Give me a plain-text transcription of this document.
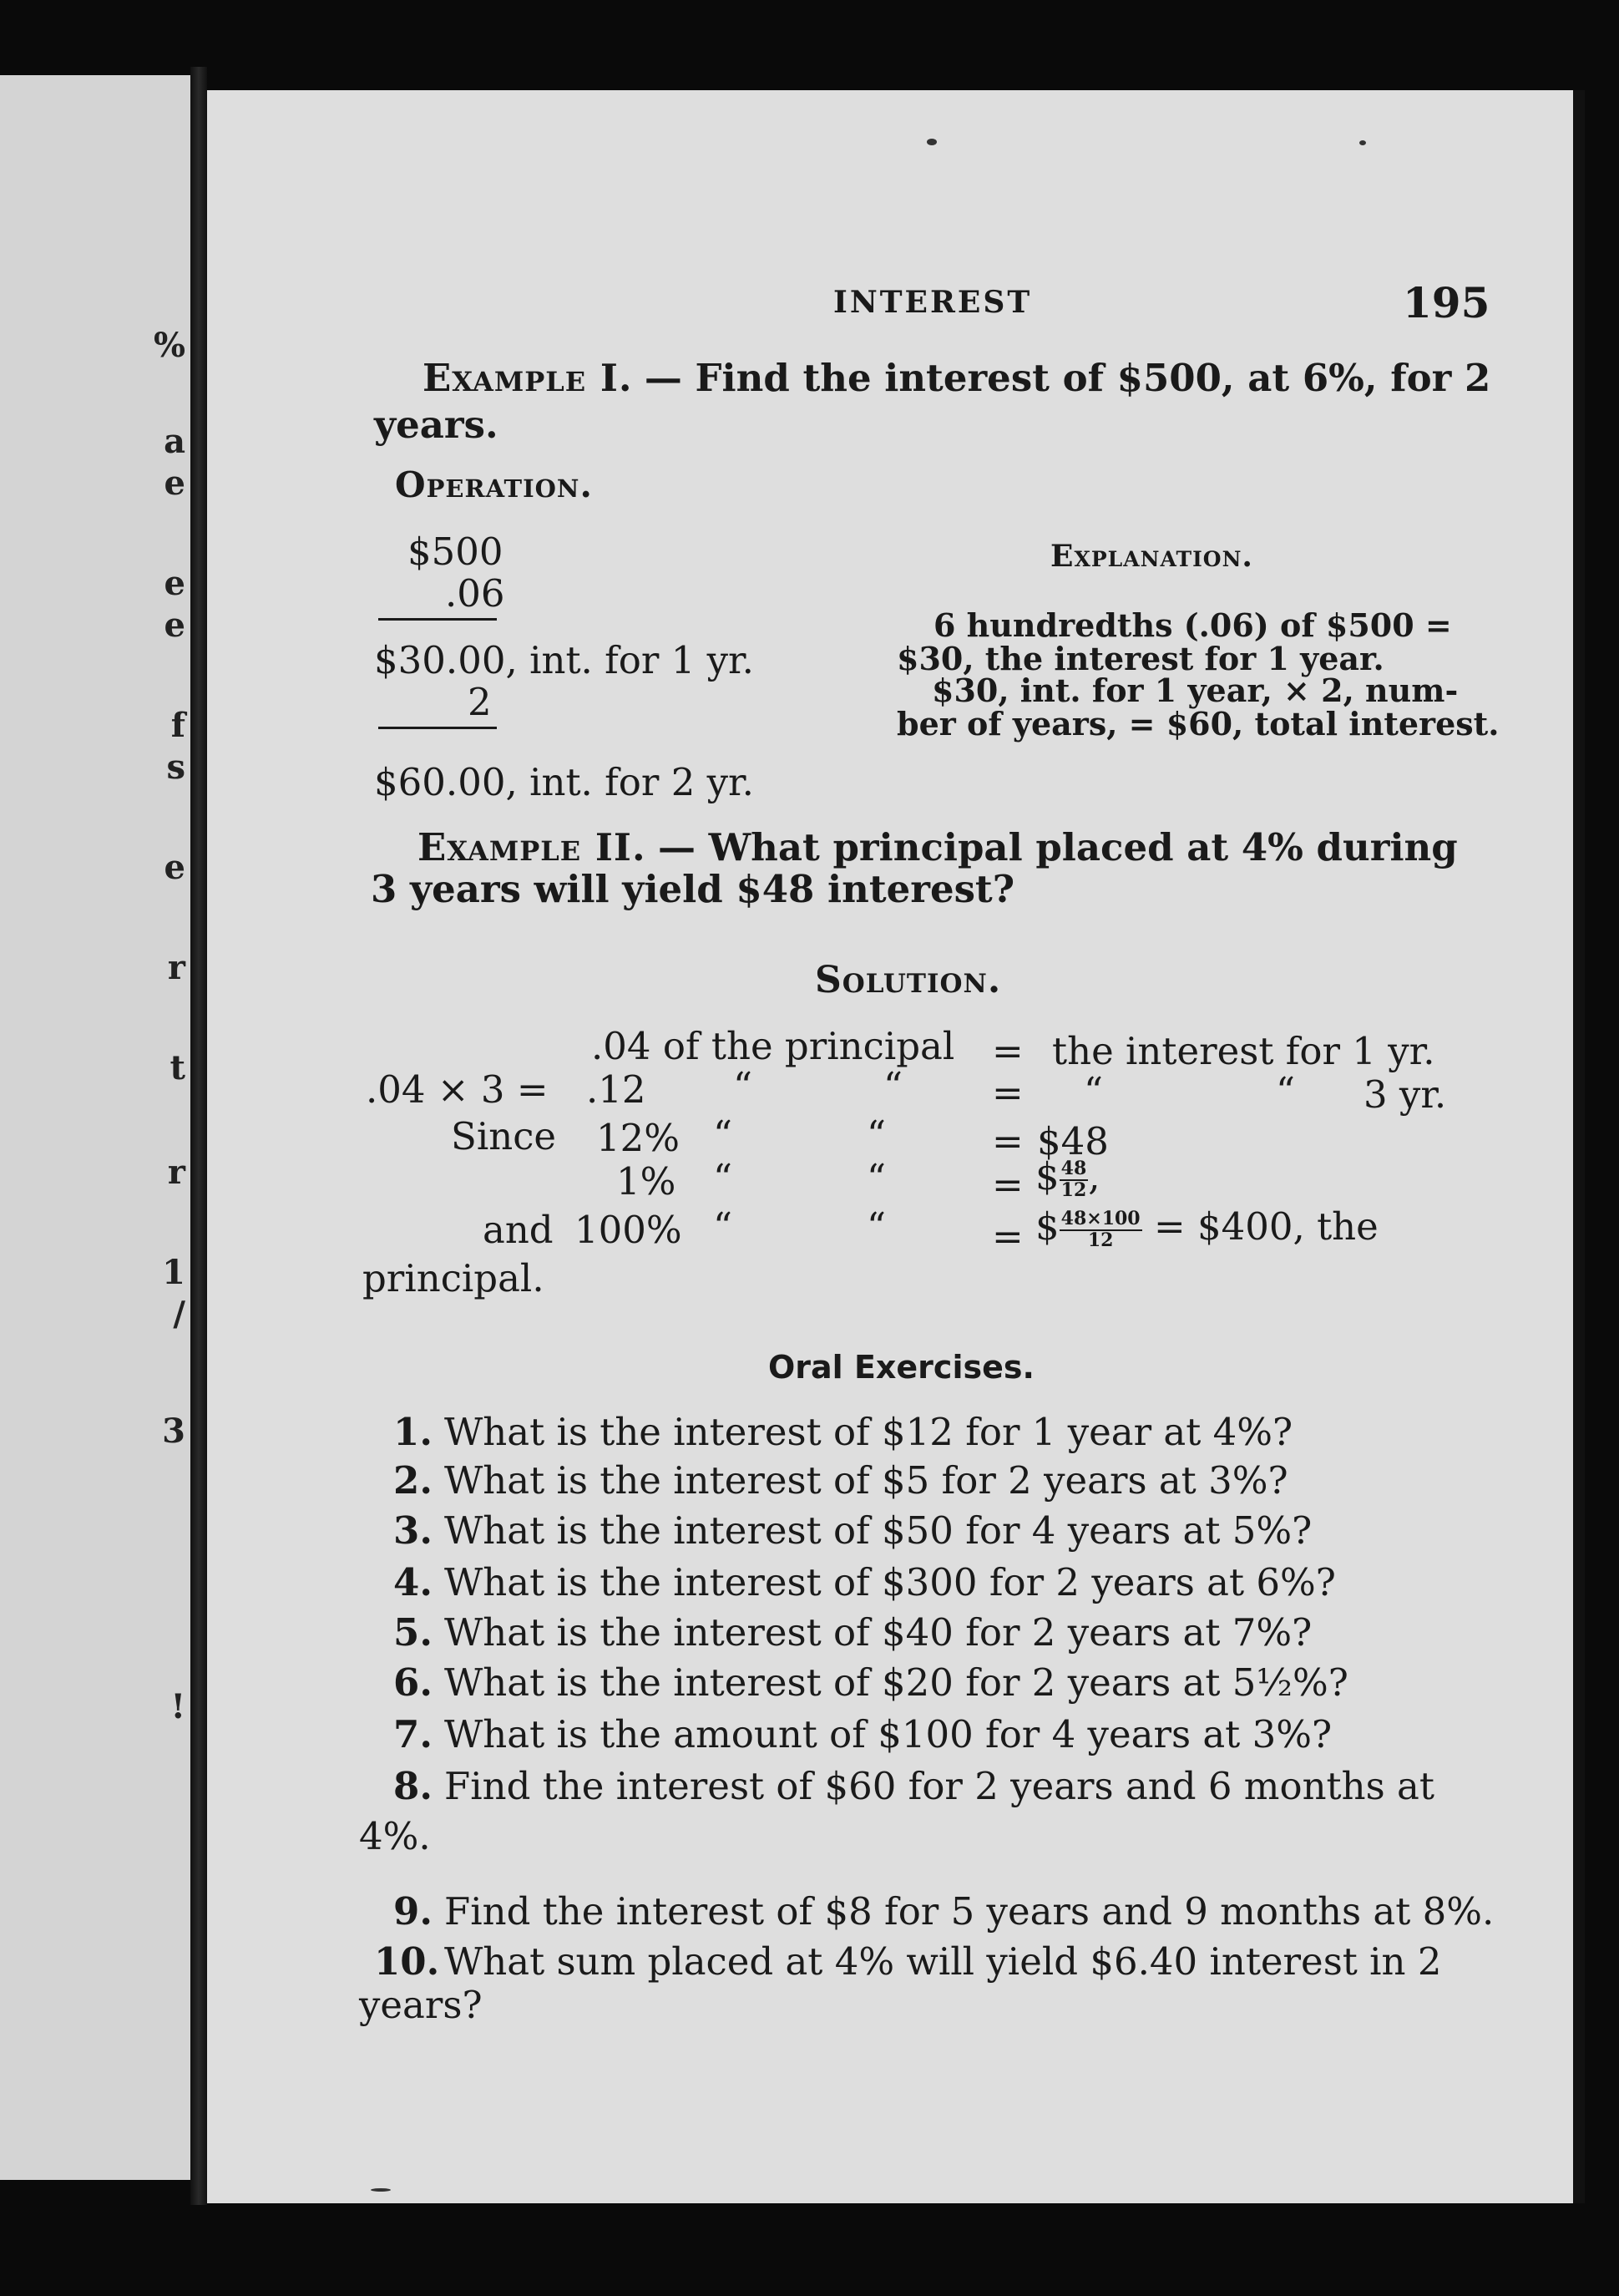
%
a
e
e
e
f
s
e
r
t
r
1
/
3
!
INTEREST	195
Example I. — Find the interest of $500, at 6%, for 2
years.
Operation.
$500
.06
$30.00, int. for 1 yr.
2
$60.00, int. for 2 yr.
Explanation.
6 hundredths (.06) of $500 =
$30, the interest for 1 year.
$30, int. for 1 year, × 2, num-
ber of years, = $60, total interest.
Example II. — What principal placed at 4% during
3 years will yield $48 interest?
Solution.
.04 of the principal = the interest for 1 yr.
.04 × 3 = .12 “	“ = “	“ 3 yr.
Since 12% “	“	= $48
1% “	“	= $ $\frac{48}{12}$ ,
and 100% “	“	= $ $\frac{48\times 100}{12}$ = $400, the
principal.
Oral Exercises.
1. What is the interest of $12 for 1 year at 4%?
2. What is the interest of $5 for 2 years at 3%?
3. What is the interest of $50 for 4 years at 5%?
4. What is the interest of $300 for 2 years at 6%?
5. What is the interest of $40 for 2 years at 7%?
6. What is the interest of $20 for 2 years at 5½%?
7. What is the amount of $100 for 4 years at 3%?
8. Find the interest of $60 for 2 years and 6 months at
4%.
9. Find the interest of $8 for 5 years and 9 months at 8%.
10. What sum placed at 4% will yield $6.40 interest in 2
years?
